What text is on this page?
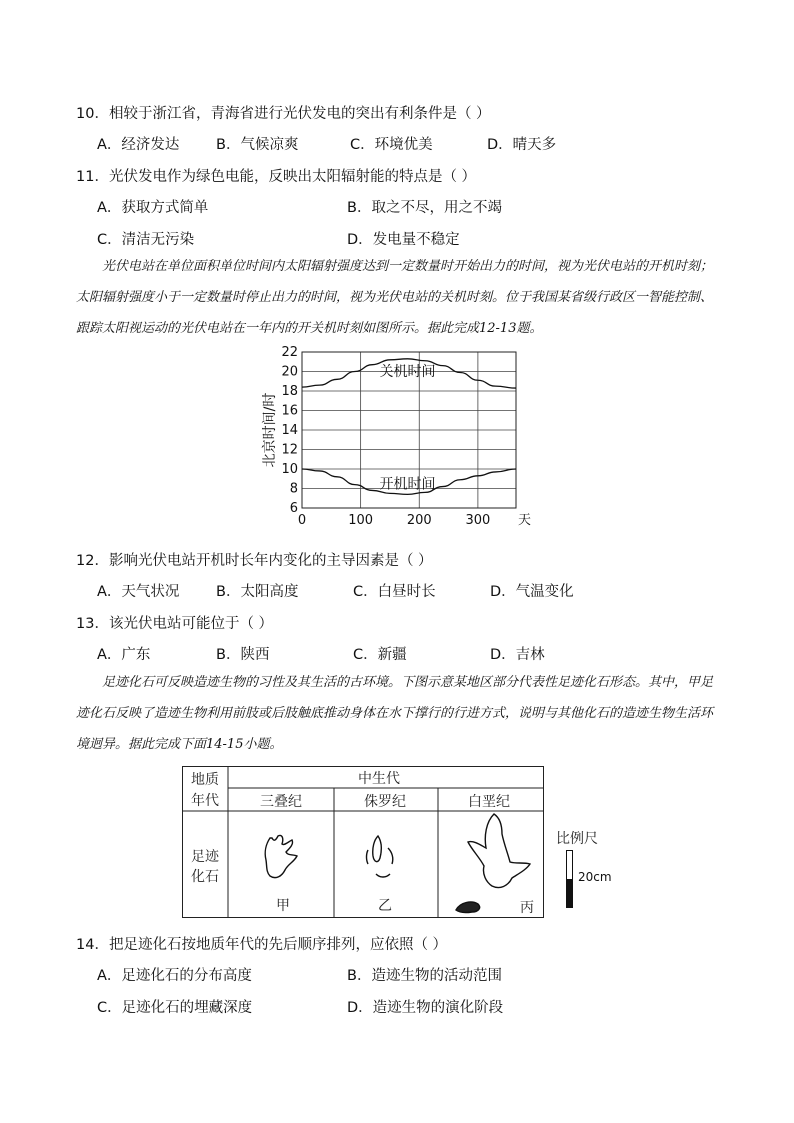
10．相较于浙江省，青海省进行光伏发电的突出有利条件是（ ）
A．经济发达	B．气候凉爽	C．环境优美	D．晴天多
11．光伏发电作为绿色电能，反映出太阳辐射能的特点是（ ）
A．获取方式简单	B．取之不尽，用之不竭
C．清洁无污染	D．发电量不稳定
光伏电站在单位面积单位时间内太阳辐射强度达到一定数量时开始出力的时间，视为光伏电站的开机时刻；太阳辐射强度小于一定数量时停止出力的时间，视为光伏电站的关机时刻。位于我国某省级行政区一智能控制、跟踪太阳视运动的光伏电站在一年内的开关机时刻如图所示。据此完成12-13题。
6
8
10
12
14
16
18
20
22
0	100	200	300
关机时间
开机时间
天
北京时间/时
12．影响光伏电站开机时长年内变化的主导因素是（ ）
A．天气状况	B．太阳高度	C．白昼时长	D．气温变化
13．该光伏电站可能位于（ ）
A．广东	B．陕西	C．新疆	D．吉林
足迹化石可反映造迹生物的习性及其生活的古环境。下图示意某地区部分代表性足迹化石形态。其中，甲足迹化石反映了造迹生物利用前肢或后肢触底推动身体在水下撑行的行进方式，说明与其他化石的造迹生物生活环境迥异。据此完成下面14-15小题。
地质
年代
中生代
三叠纪	侏罗纪	白垩纪
足迹
化石
甲	乙	丙
比例尺
20cm
14．把足迹化石按地质年代的先后顺序排列，应依照（ ）
A．足迹化石的分布高度	B．造迹生物的活动范围
C．足迹化石的埋藏深度	D．造迹生物的演化阶段
